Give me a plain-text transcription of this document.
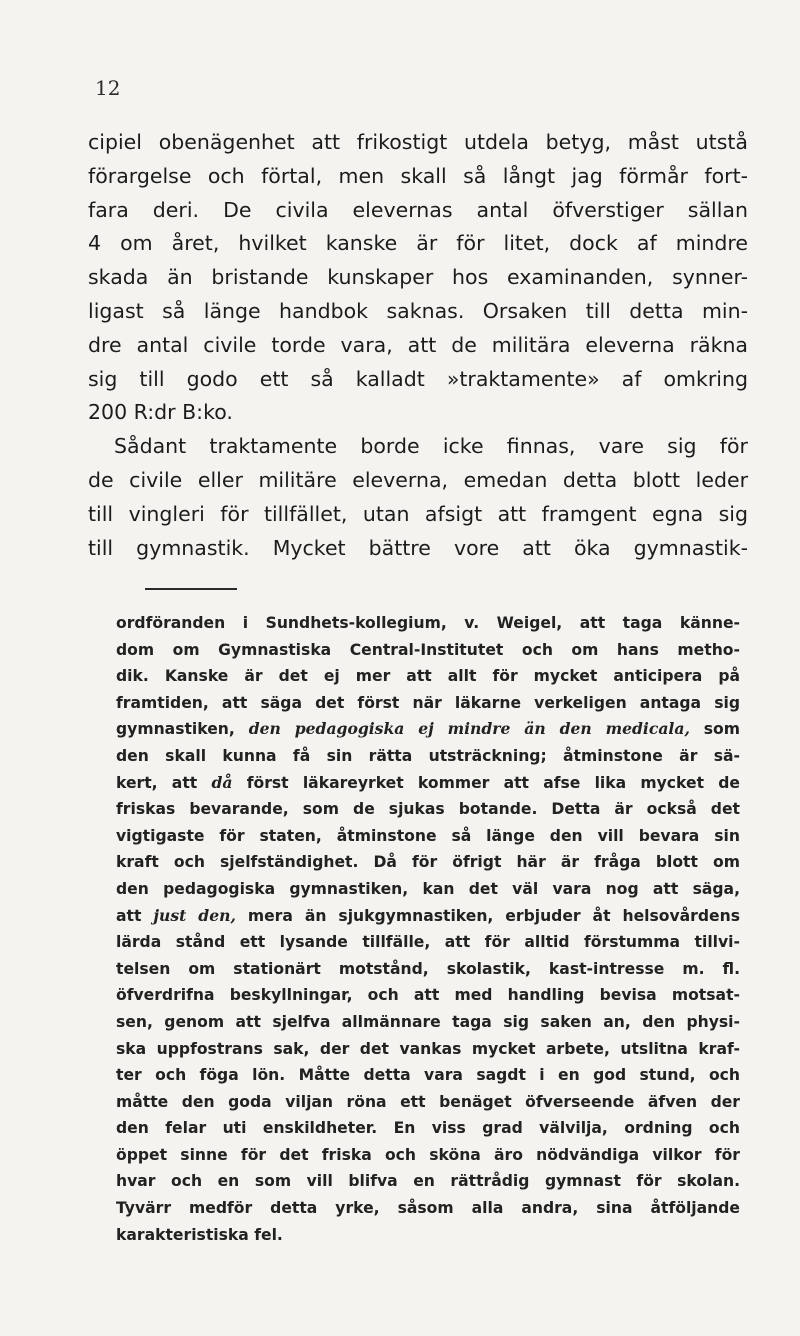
12

cipiel obenägenhet att frikostigt utdela betyg, måst utstå
förargelse och förtal, men skall så långt jag förmår fort-
fara deri. De civila elevernas antal öfverstiger sällan
4 om året, hvilket kanske är för litet, dock af mindre
skada än bristande kunskaper hos examinanden, synner-
ligast så länge handbok saknas. Orsaken till detta min-
dre antal civile torde vara, att de militära eleverna räkna
sig till godo ett så kalladt »traktamente» af omkring

200 R:dr B:ko.

Sådant traktamente borde icke finnas, vare sig för
de civile eller militäre eleverna, emedan detta blott leder
till vingleri för tillfället, utan afsigt att framgent egna sig
till gymnastik. Mycket bättre vore att öka gymnastik-

ordföranden i Sundhets-kollegium, v. Weigel, att taga känne-
dom om Gymnastiska Central-Institutet och om hans metho-
dik. Kanske är det ej mer att allt för mycket anticipera på
framtiden, att säga det först när läkarne verkeligen antaga sig
gymnastiken, den pedagogiska ej mindre än den medicala, som
den skall kunna få sin rätta utsträckning; åtminstone är sä-
kert, att då först läkareyrket kommer att afse lika mycket de
friskas bevarande, som de sjukas botande. Detta är också det
vigtigaste för staten, åtminstone så länge den vill bevara sin
kraft och sjelfständighet. Då för öfrigt här är fråga blott om
den pedagogiska gymnastiken, kan det väl vara nog att säga,
att just den, mera än sjukgymnastiken, erbjuder åt helsovårdens
lärda stånd ett lysande tillfälle, att för alltid förstumma tillvi-
telsen om stationärt motstånd, skolastik, kast-intresse m. fl.
öfverdrifna beskyllningar, och att med handling bevisa motsat-
sen, genom att sjelfva allmännare taga sig saken an, den physi-
ska uppfostrans sak, der det vankas mycket arbete, utslitna kraf-
ter och föga lön. Måtte detta vara sagdt i en god stund, och
måtte den goda viljan röna ett benäget öfverseende äfven der
den felar uti enskildheter. En viss grad välvilja, ordning och
öppet sinne för det friska och sköna äro nödvändiga vilkor för
hvar och en som vill blifva en rättrådig gymnast för skolan.
Tyvärr medför detta yrke, såsom alla andra, sina åtföljande
karakteristiska fel.
